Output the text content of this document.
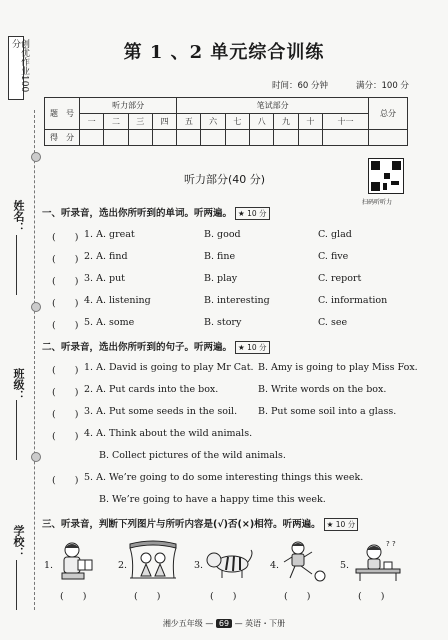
创优作业100分
姓名：
班级：
学校：
第 1 、2 单元综合训练
时间：60 分钟	满分：100 分
题　号	听力部分				笔试部分							总分
	一	二	三	四	五	六	七	八	九	十	十一	
得　分												
听力部分(40 分)
扫码听听力
一、听录音，选出你所听到的单词。听两遍。 ★ 10 分
(　　) 1. A. great	B. good	C. glad
(　　) 2. A. find	B. fine	C. five
(　　) 3. A. put	B. play	C. report
(　　) 4. A. listening	B. interesting	C. information
(　　) 5. A. some	B. story	C. see
二、听录音，选出你所听到的句子。听两遍。 ★ 10 分
(　　) 1. A. David is going to play Mr Cat. B. Amy is going to play Miss Fox.
(　　) 2. A. Put cards into the box.	B. Write words on the box.
(　　) 3. A. Put some seeds in the soil. B. Put some soil into a glass.
(　　) 4. A. Think about the wild animals.
B. Collect pictures of the wild animals.
(　　) 5. A. We’re going to do some interesting things this week.
B. We’re going to have a happy time this week.
三、听录音，判断下列图片与所听内容是(√)否(×)相符。听两遍。 ★ 10 分
1.
(　　)
2.
(　　)
3.
(　　)
4.
(　　)
5.
? ?
(　　)
湘少五年级 — 69 — 英语・下册
